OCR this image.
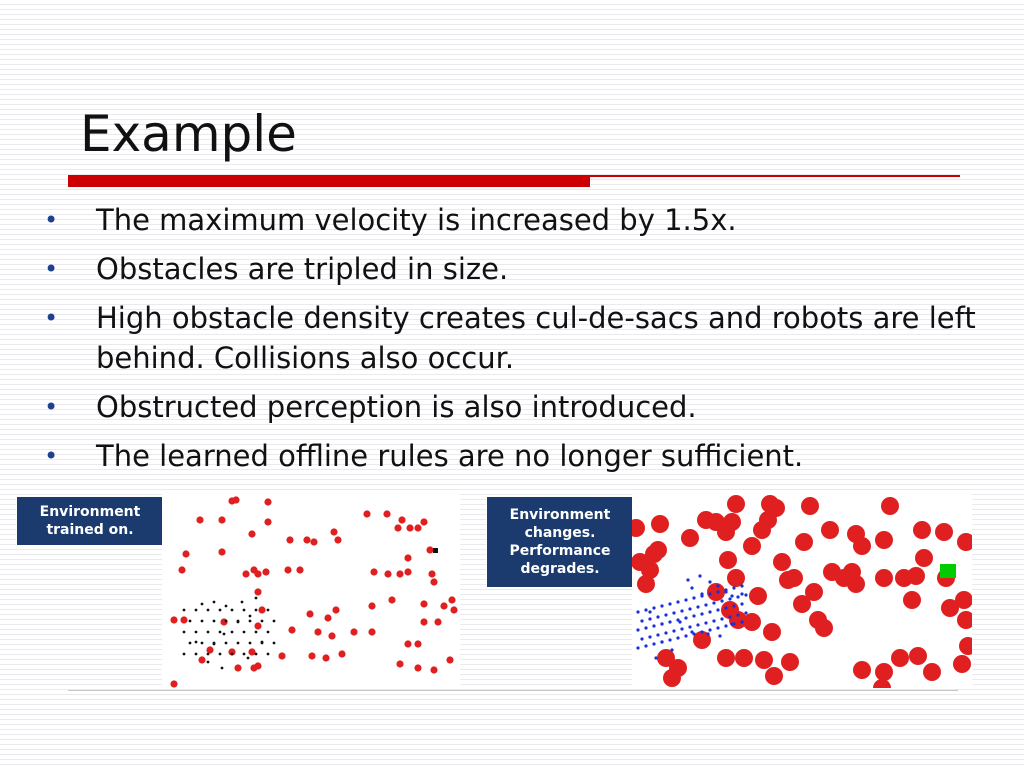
Example
• The maximum velocity is increased by 1.5x.
• Obstacles are tripled in size.
• High obstacle density creates cul-de-sacs and robots are left behind. Collisions also occur.
• Obstructed perception is also introduced.
• The learned offline rules are no longer sufficient.
Environment
trained on.
Environment
changes.
Performance
degrades.
